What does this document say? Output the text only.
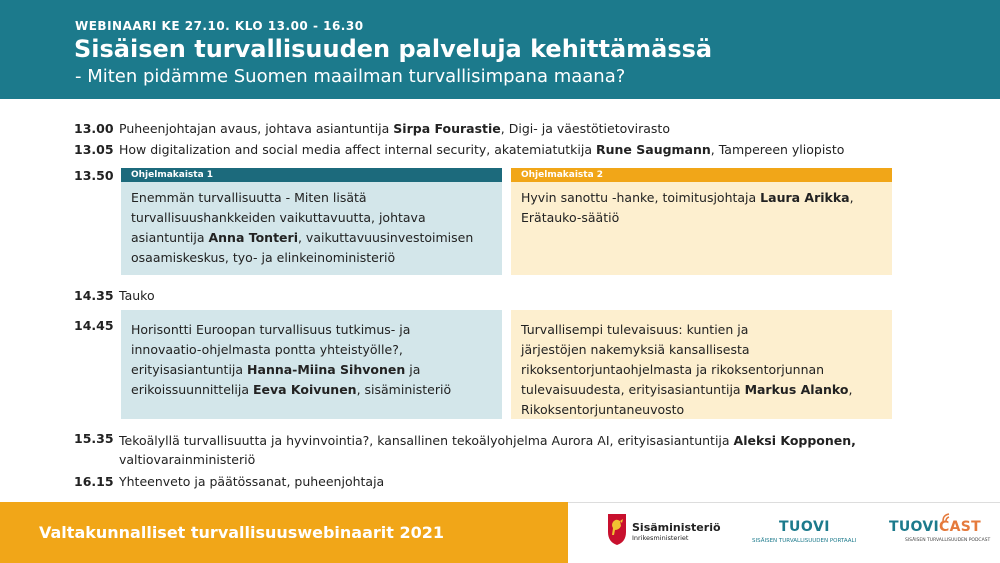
WEBINAARI KE 27.10. KLO 13.00 - 16.30
Sisäisen turvallisuuden palveluja kehittämässä
- Miten pidämme Suomen maailman turvallisimpana maana?
13.00 Puheenjohtajan avaus, johtava asiantuntija Sirpa Fourastie, Digi- ja väestötietovirasto
13.05 How digitalization and social media affect internal security, akatemiatutkija Rune Saugmann, Tampereen yliopisto
13.50	Ohjelmakaista 1
Enemmän turvallisuutta - Miten lisätä
turvallisuushankkeiden vaikuttavuutta, johtava
asiantuntija Anna Tonteri, vaikuttavuusinvestoimisen
osaamiskeskus, tyo- ja elinkeinoministeriö
Ohjelmakaista 2
Hyvin sanottu -hanke, toimitusjohtaja Laura Arikka,
Erätauko-säätiö
14.35 Tauko
14.45 Horisontti Euroopan turvallisuus tutkimus- ja
innovaatio-ohjelmasta pontta yhteistyölle?,
erityisasiantuntija Hanna-Miina Sihvonen ja
erikoissuunnittelija Eeva Koivunen, sisäministeriö
Turvallisempi tulevaisuus: kuntien ja
järjestöjen nakemyksiä kansallisesta
rikoksentorjuntaohjelmasta ja rikoksentorjunnan
tulevaisuudesta, erityisasiantuntija Markus Alanko,
Rikoksentorjuntaneuvosto
15.35 Tekoälyllä turvallisuutta ja hyvinvointia?, kansallinen tekoälyohjelma Aurora AI, erityisasiantuntija Aleksi Kopponen, valtiovarainministeriö
16.15 Yhteenveto ja päätössanat, puheenjohtaja
Valtakunnalliset turvallisuuswebinaarit 2021	Sisäministeriö
Inrikesministeriet
TUOVI
SISÄISEN TURVALLISUUDEN PORTAALI
TUOVICAST
SISÄISEN TURVALLISUUDEN PODCAST
